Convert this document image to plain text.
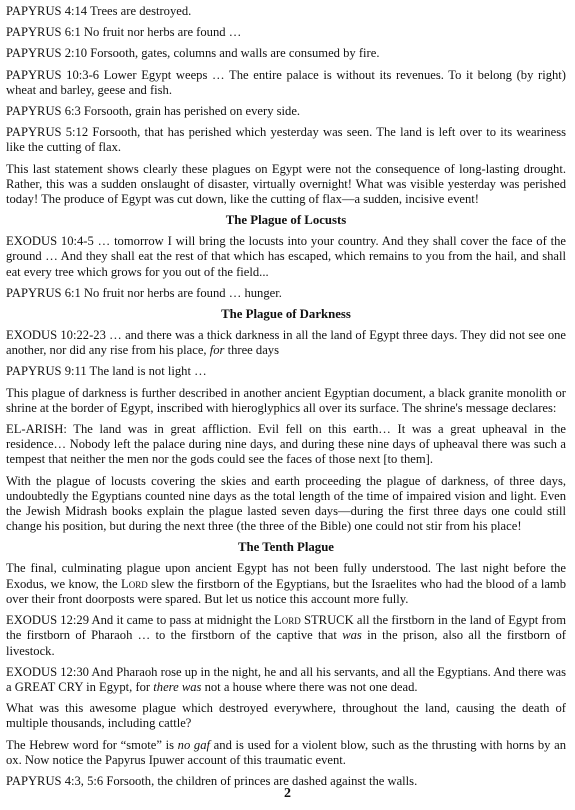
PAPYRUS 4:14 Trees are destroyed.

PAPYRUS 6:1 No fruit nor herbs are found …

PAPYRUS 2:10 Forsooth, gates, columns and walls are consumed by fire.

PAPYRUS 10:3-6 Lower Egypt weeps … The entire palace is without its revenues. To it belong (by right) wheat and barley, geese and fish.

PAPYRUS 6:3 Forsooth, grain has perished on every side.

PAPYRUS 5:12 Forsooth, that has perished which yesterday was seen. The land is left over to its weariness like the cutting of flax.

This last statement shows clearly these plagues on Egypt were not the consequence of long-lasting drought. Rather, this was a sudden onslaught of disaster, virtually overnight! What was visible yesterday was perished today! The produce of Egypt was cut down, like the cutting of flax—a sudden, incisive event!

The Plague of Locusts

EXODUS 10:4-5 … tomorrow I will bring the locusts into your country. And they shall cover the face of the ground … And they shall eat the rest of that which has escaped, which remains to you from the hail, and shall eat every tree which grows for you out of the field...

PAPYRUS 6:1 No fruit nor herbs are found … hunger.

The Plague of Darkness

EXODUS 10:22-23 … and there was a thick darkness in all the land of Egypt three days. They did not see one another, nor did any rise from his place, for three days

PAPYRUS 9:11 The land is not light …

This plague of darkness is further described in another ancient Egyptian document, a black granite monolith or shrine at the border of Egypt, inscribed with hieroglyphics all over its surface. The shrine's message declares:

EL-ARISH: The land was in great affliction. Evil fell on this earth… It was a great upheaval in the residence… Nobody left the palace during nine days, and during these nine days of upheaval there was such a tempest that neither the men nor the gods could see the faces of those next [to them].

With the plague of locusts covering the skies and earth proceeding the plague of darkness, of three days, undoubtedly the Egyptians counted nine days as the total length of the time of impaired vision and light. Even the Jewish Midrash books explain the plague lasted seven days—during the first three days one could still change his position, but during the next three (the three of the Bible) one could not stir from his place!

The Tenth Plague

The final, culminating plague upon ancient Egypt has not been fully understood. The last night before the Exodus, we know, the Lord slew the firstborn of the Egyptians, but the Israelites who had the blood of a lamb over their front doorposts were spared. But let us notice this account more fully.

EXODUS 12:29 And it came to pass at midnight the Lord STRUCK all the firstborn in the land of Egypt from the firstborn of Pharaoh … to the firstborn of the captive that was in the prison, also all the firstborn of livestock.

EXODUS 12:30 And Pharaoh rose up in the night, he and all his servants, and all the Egyptians. And there was a GREAT CRY in Egypt, for there was not a house where there was not one dead.

What was this awesome plague which destroyed everywhere, throughout the land, causing the death of multiple thousands, including cattle?

The Hebrew word for “smote” is no gaf and is used for a violent blow, such as the thrusting with horns by an ox. Now notice the Papyrus Ipuwer account of this traumatic event.

PAPYRUS 4:3, 5:6 Forsooth, the children of princes are dashed against the walls.

2
